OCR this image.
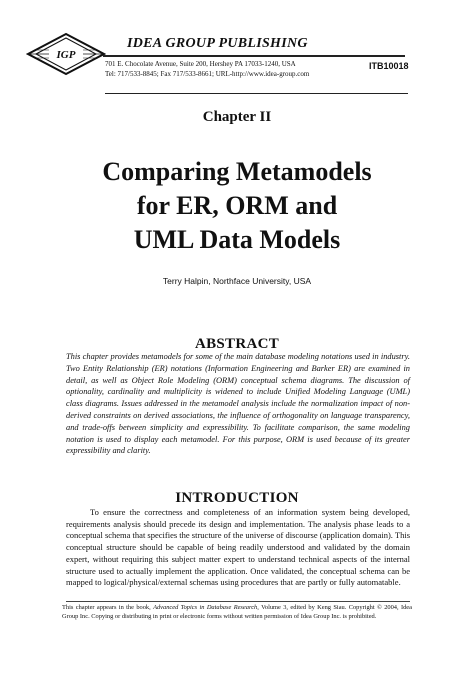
IGP
IDEA GROUP PUBLISHING
701 E. Chocolate Avenue, Suite 200, Hershey PA 17033-1240, USA
Tel: 717/533-8845; Fax 717/533-8661; URL-http://www.idea-group.com
ITB10018
Chapter II
Comparing Metamodels
for ER, ORM and
UML Data Models
Terry Halpin, Northface University, USA
ABSTRACT
This chapter provides metamodels for some of the main database modeling notations used in industry. Two Entity Relationship (ER) notations (Information Engineering and Barker ER) are examined in detail, as well as Object Role Modeling (ORM) conceptual schema diagrams. The discussion of optionality, cardinality and multiplicity is widened to include Unified Modeling Language (UML) class diagrams. Issues addressed in the metamodel analysis include the normalization impact of non-derived constraints on derived associations, the influence of orthogonality on language transparency, and trade-offs between simplicity and expressibility. To facilitate comparison, the same modeling notation is used to display each metamodel. For this purpose, ORM is used because of its greater expressibility and clarity.
INTRODUCTION
To ensure the correctness and completeness of an information system being developed, requirements analysis should precede its design and implementation. The analysis phase leads to a conceptual schema that specifies the structure of the universe of discourse (application domain). This conceptual structure should be capable of being readily understood and validated by the domain expert, without requiring this subject matter expert to understand technical aspects of the internal structure used to actually implement the application. Once validated, the conceptual schema can be mapped to logical/physical/external schemas using procedures that are partly or fully automatable.
This chapter appears in the book, Advanced Topics in Database Research, Volume 3, edited by Keng Siau. Copyright © 2004, Idea Group Inc. Copying or distributing in print or electronic forms without written permission of Idea Group Inc. is prohibited.
